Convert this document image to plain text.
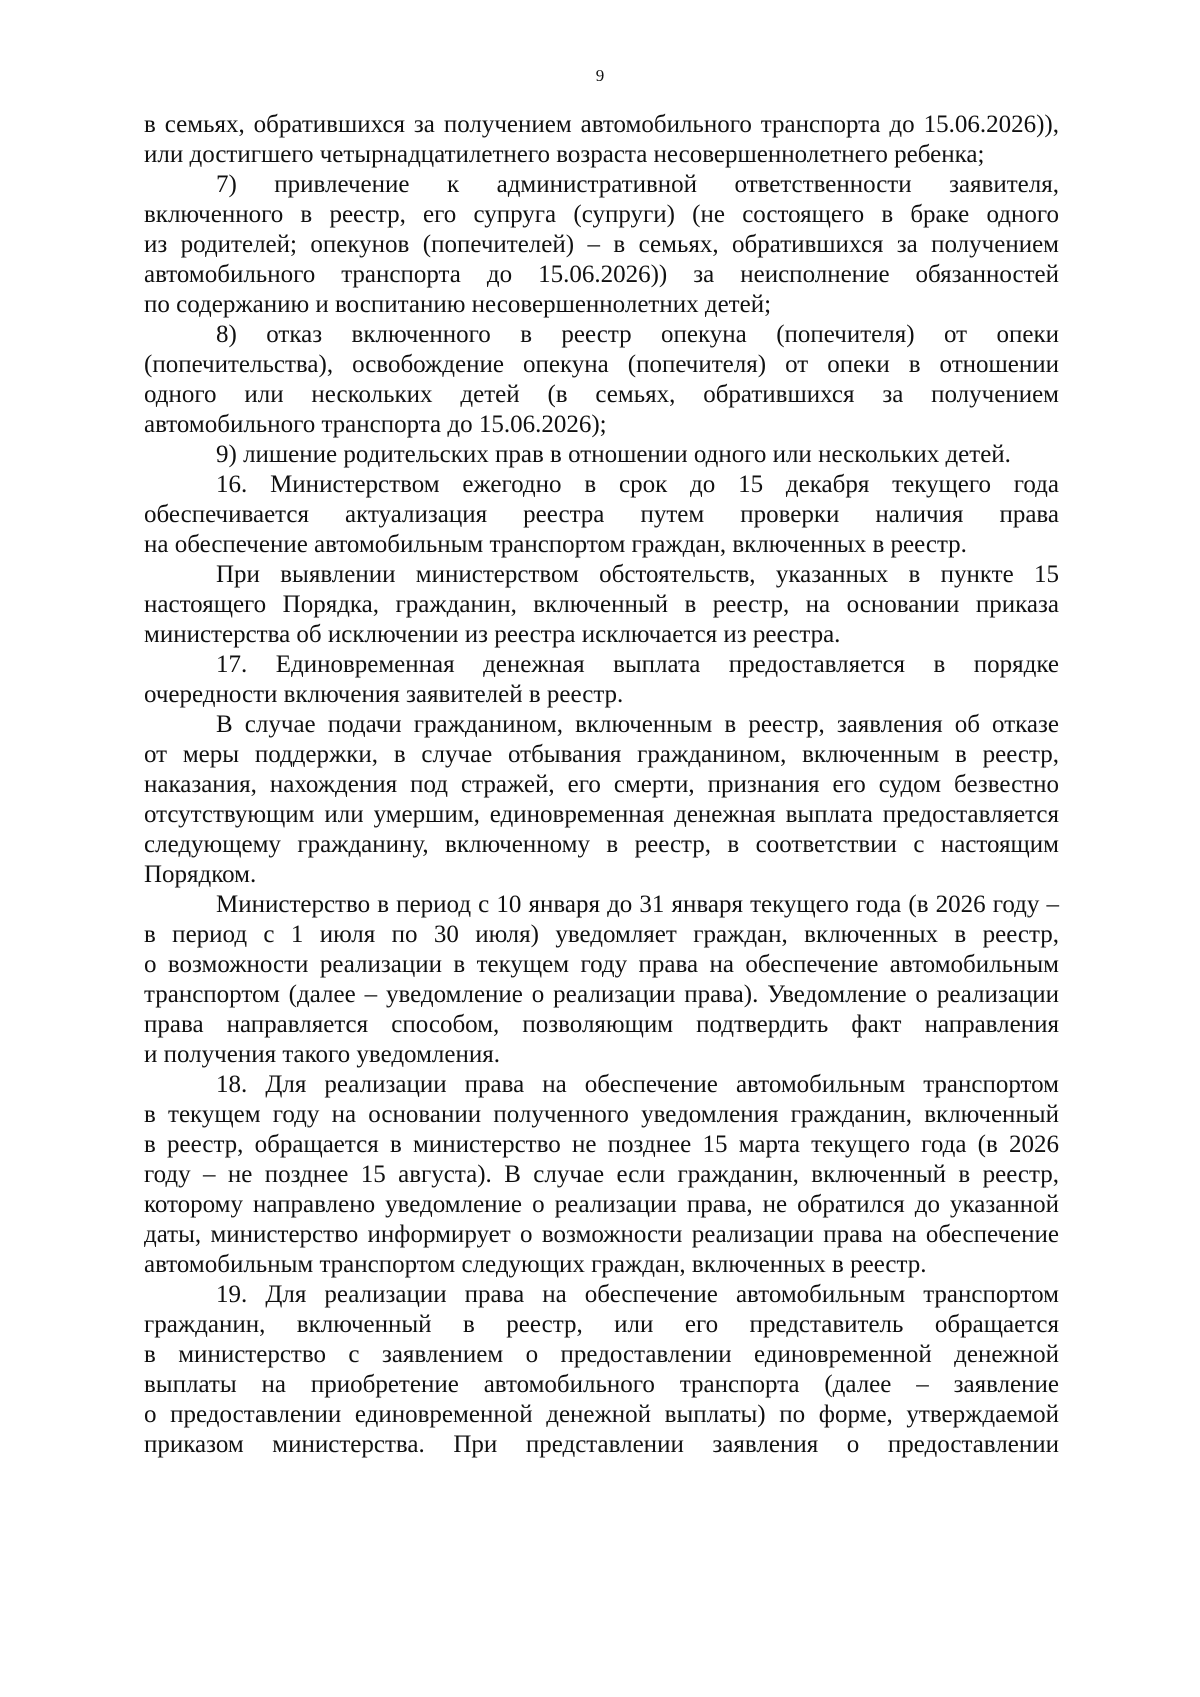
9
в семьях, обратившихся за получением автомобильного транспорта до 15.06.2026)),
или достигшего четырнадцатилетнего возраста несовершеннолетнего ребенка;
7) привлечение к административной ответственности заявителя,
включенного в реестр, его супруга (супруги) (не состоящего в браке одного
из родителей; опекунов (попечителей) – в семьях, обратившихся за получением
автомобильного транспорта до 15.06.2026)) за неисполнение обязанностей
по содержанию и воспитанию несовершеннолетних детей;
8) отказ включенного в реестр опекуна (попечителя) от опеки
(попечительства), освобождение опекуна (попечителя) от опеки в отношении
одного или нескольких детей (в семьях, обратившихся за получением
автомобильного транспорта до 15.06.2026);
9) лишение родительских прав в отношении одного или нескольких детей.
16. Министерством ежегодно в срок до 15 декабря текущего года
обеспечивается актуализация реестра путем проверки наличия права
на обеспечение автомобильным транспортом граждан, включенных в реестр.
При выявлении министерством обстоятельств, указанных в пункте 15
настоящего Порядка, гражданин, включенный в реестр, на основании приказа
министерства об исключении из реестра исключается из реестра.
17. Единовременная денежная выплата предоставляется в порядке
очередности включения заявителей в реестр.
В случае подачи гражданином, включенным в реестр, заявления об отказе
от меры поддержки, в случае отбывания гражданином, включенным в реестр,
наказания, нахождения под стражей, его смерти, признания его судом безвестно
отсутствующим или умершим, единовременная денежная выплата предоставляется
следующему гражданину, включенному в реестр, в соответствии с настоящим
Порядком.
Министерство в период с 10 января до 31 января текущего года (в 2026 году –
в период с 1 июля по 30 июля) уведомляет граждан, включенных в реестр,
о возможности реализации в текущем году права на обеспечение автомобильным
транспортом (далее – уведомление о реализации права). Уведомление о реализации
права направляется способом, позволяющим подтвердить факт направления
и получения такого уведомления.
18. Для реализации права на обеспечение автомобильным транспортом
в текущем году на основании полученного уведомления гражданин, включенный
в реестр, обращается в министерство не позднее 15 марта текущего года (в 2026
году – не позднее 15 августа). В случае если гражданин, включенный в реестр,
которому направлено уведомление о реализации права, не обратился до указанной
даты, министерство информирует о возможности реализации права на обеспечение
автомобильным транспортом следующих граждан, включенных в реестр.
19. Для реализации права на обеспечение автомобильным транспортом
гражданин, включенный в реестр, или его представитель обращается
в министерство с заявлением о предоставлении единовременной денежной
выплаты на приобретение автомобильного транспорта (далее – заявление
о предоставлении единовременной денежной выплаты) по форме, утверждаемой
приказом министерства. При представлении заявления о предоставлении
